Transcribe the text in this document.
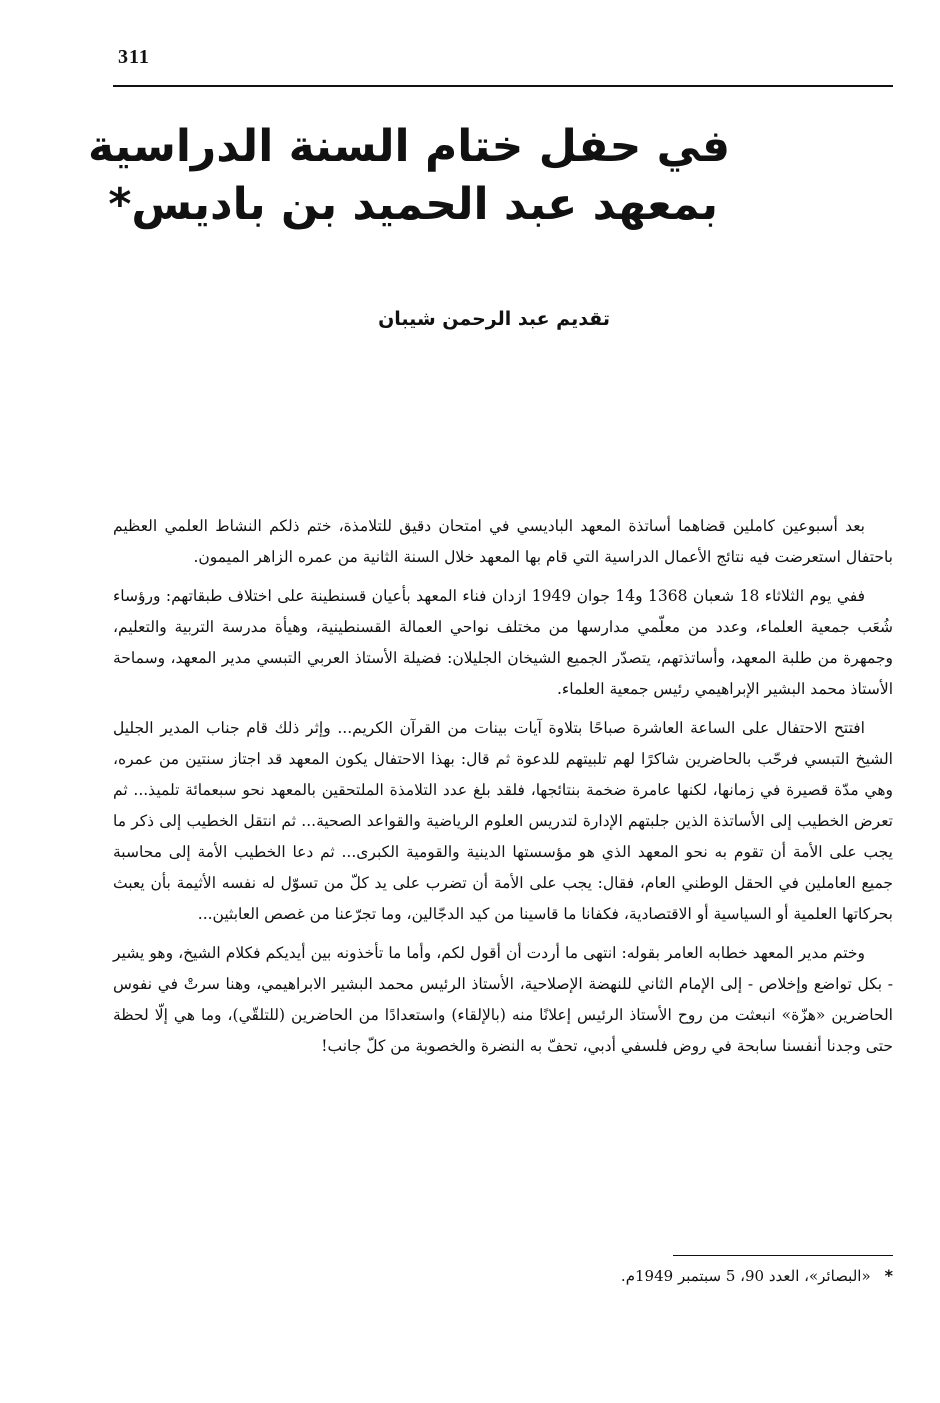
311
في حفل ختام السنة الدراسية
بمعهد عبد الحميد بن باديس*
تقديم عبد الرحمن شيبان

بعد أسبوعين كاملين قضاهما أساتذة المعهد الباديسي في امتحان دقيق للتلامذة، ختم ذلكم النشاط العلمي العظيم باحتفال استعرضت فيه نتائج الأعمال الدراسية التي قام بها المعهد خلال السنة الثانية من عمره الزاهر الميمون.

ففي يوم الثلاثاء 18 شعبان 1368 و14 جوان 1949 ازدان فناء المعهد بأعيان قسنطينة على اختلاف طبقاتهم: ورؤساء شُعَب جمعية العلماء، وعدد من معلّمي مدارسها من مختلف نواحي العمالة القسنطينية، وهيأة مدرسة التربية والتعليم، وجمهرة من طلبة المعهد، وأساتذتهم، يتصدّر الجميع الشيخان الجليلان: فضيلة الأستاذ العربي التبسي مدير المعهد، وسماحة الأستاذ محمد البشير الإبراهيمي رئيس جمعية العلماء.

افتتح الاحتفال على الساعة العاشرة صباحًا بتلاوة آيات بينات من القرآن الكريم... وإثر ذلك قام جناب المدير الجليل الشيخ التبسي فرحّب بالحاضرين شاكرًا لهم تلبيتهم للدعوة ثم قال: بهذا الاحتفال يكون المعهد قد اجتاز سنتين من عمره، وهي مدّة قصيرة في زمانها، لكنها عامرة ضخمة بنتائجها، فلقد بلغ عدد التلامذة الملتحقين بالمعهد نحو سبعمائة تلميذ... ثم تعرض الخطيب إلى الأساتذة الذين جلبتهم الإدارة لتدريس العلوم الرياضية والقواعد الصحية... ثم انتقل الخطيب إلى ذكر ما يجب على الأمة أن تقوم به نحو المعهد الذي هو مؤسستها الدينية والقومية الكبرى... ثم دعا الخطيب الأمة إلى محاسبة جميع العاملين في الحقل الوطني العام، فقال: يجب على الأمة أن تضرب على يد كلّ من تسوّل له نفسه الأثيمة بأن يعبث بحركاتها العلمية أو السياسية أو الاقتصادية، فكفانا ما قاسينا من كيد الدجّالين، وما تجرّعنا من غصص العابثين...

وختم مدير المعهد خطابه العامر بقوله: انتهى ما أردت أن أقول لكم، وأما ما تأخذونه بين أيديكم فكلام الشيخ، وهو يشير - بكل تواضع وإخلاص - إلى الإمام الثاني للنهضة الإصلاحية، الأستاذ الرئيس محمد البشير الابراهيمي، وهنا سرتْ في نفوس الحاضرين «هزّة» انبعثت من روح الأستاذ الرئيس إعلانًا منه (بالإلقاء) واستعدادًا من الحاضرين (للتلقّي)، وما هي إلّا لحظة حتى وجدنا أنفسنا سابحة في روض فلسفي أدبي، تحفّ به النضرة والخصوبة من كلّ جانب!

*«البصائر»، العدد 90، 5 سبتمبر 1949م.
